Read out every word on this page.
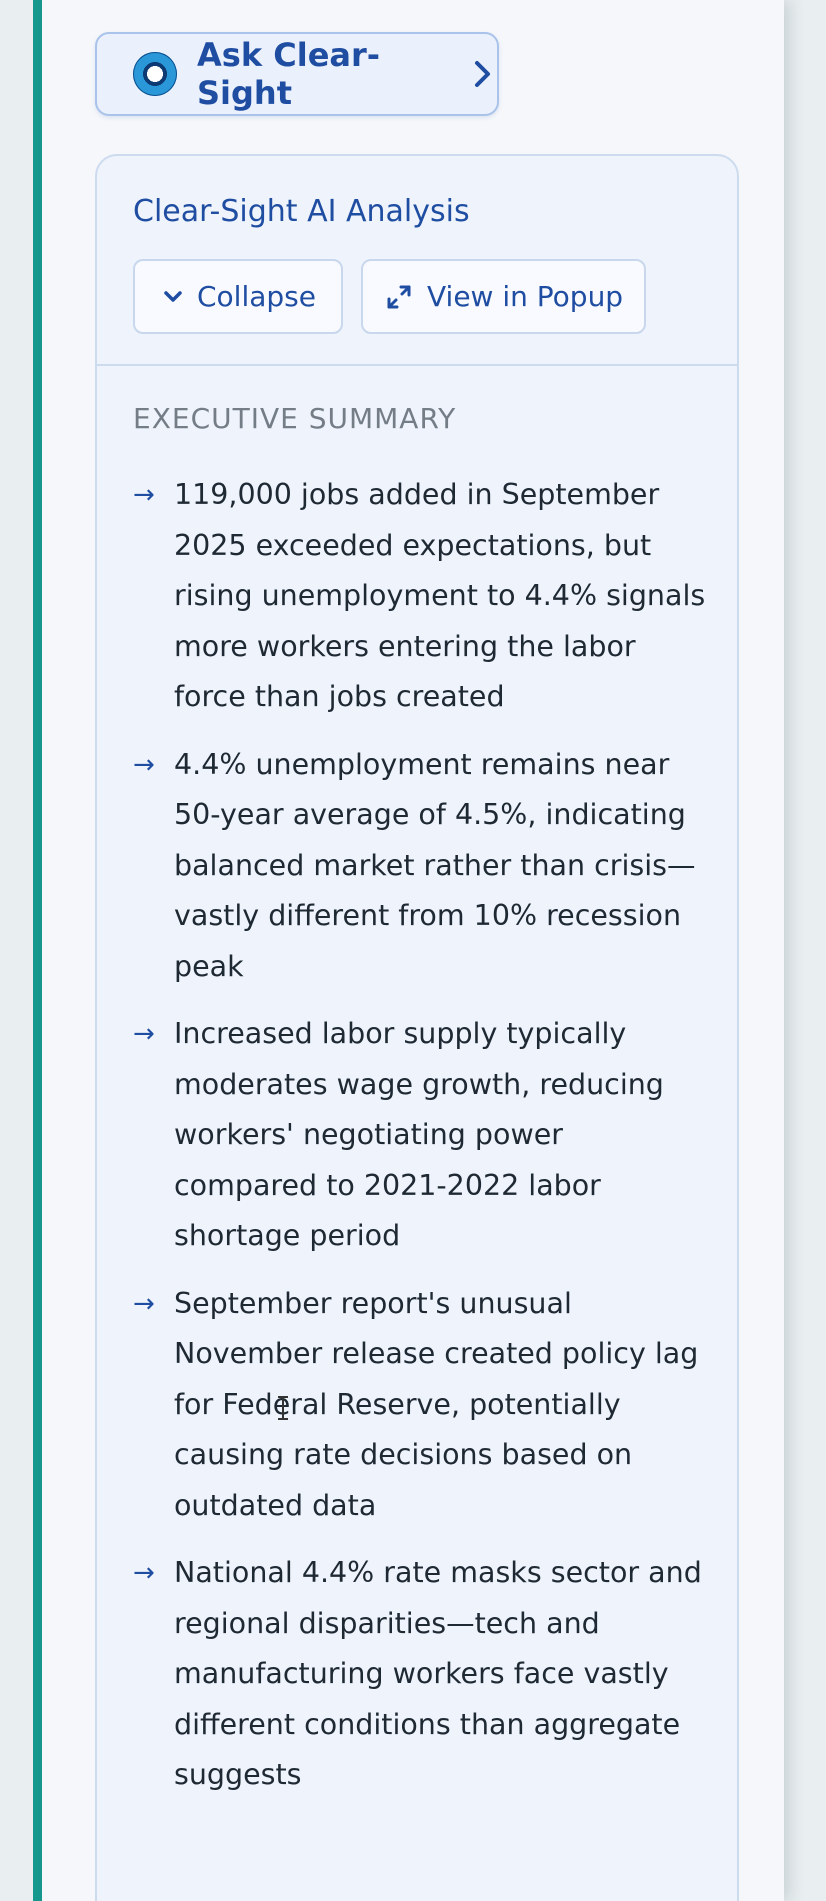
Ask Clear-Sight
Clear-Sight AI Analysis
Collapse	View in Popup
EXECUTIVE SUMMARY
→ 119,000 jobs added in September 2025 exceeded expectations, but rising unemployment to 4.4% signals more workers entering the labor force than jobs created
→ 4.4% unemployment remains near 50-year average of 4.5%, indicating balanced market rather than crisis—vastly different from 10% recession peak
→ Increased labor supply typically moderates wage growth, reducing workers' negotiating power compared to 2021-2022 labor shortage period
→ September report's unusual November release created policy lag for Federal Reserve, potentially causing rate decisions based on outdated data
→ National 4.4% rate masks sector and regional disparities—tech and manufacturing workers face vastly different conditions than aggregate suggests
